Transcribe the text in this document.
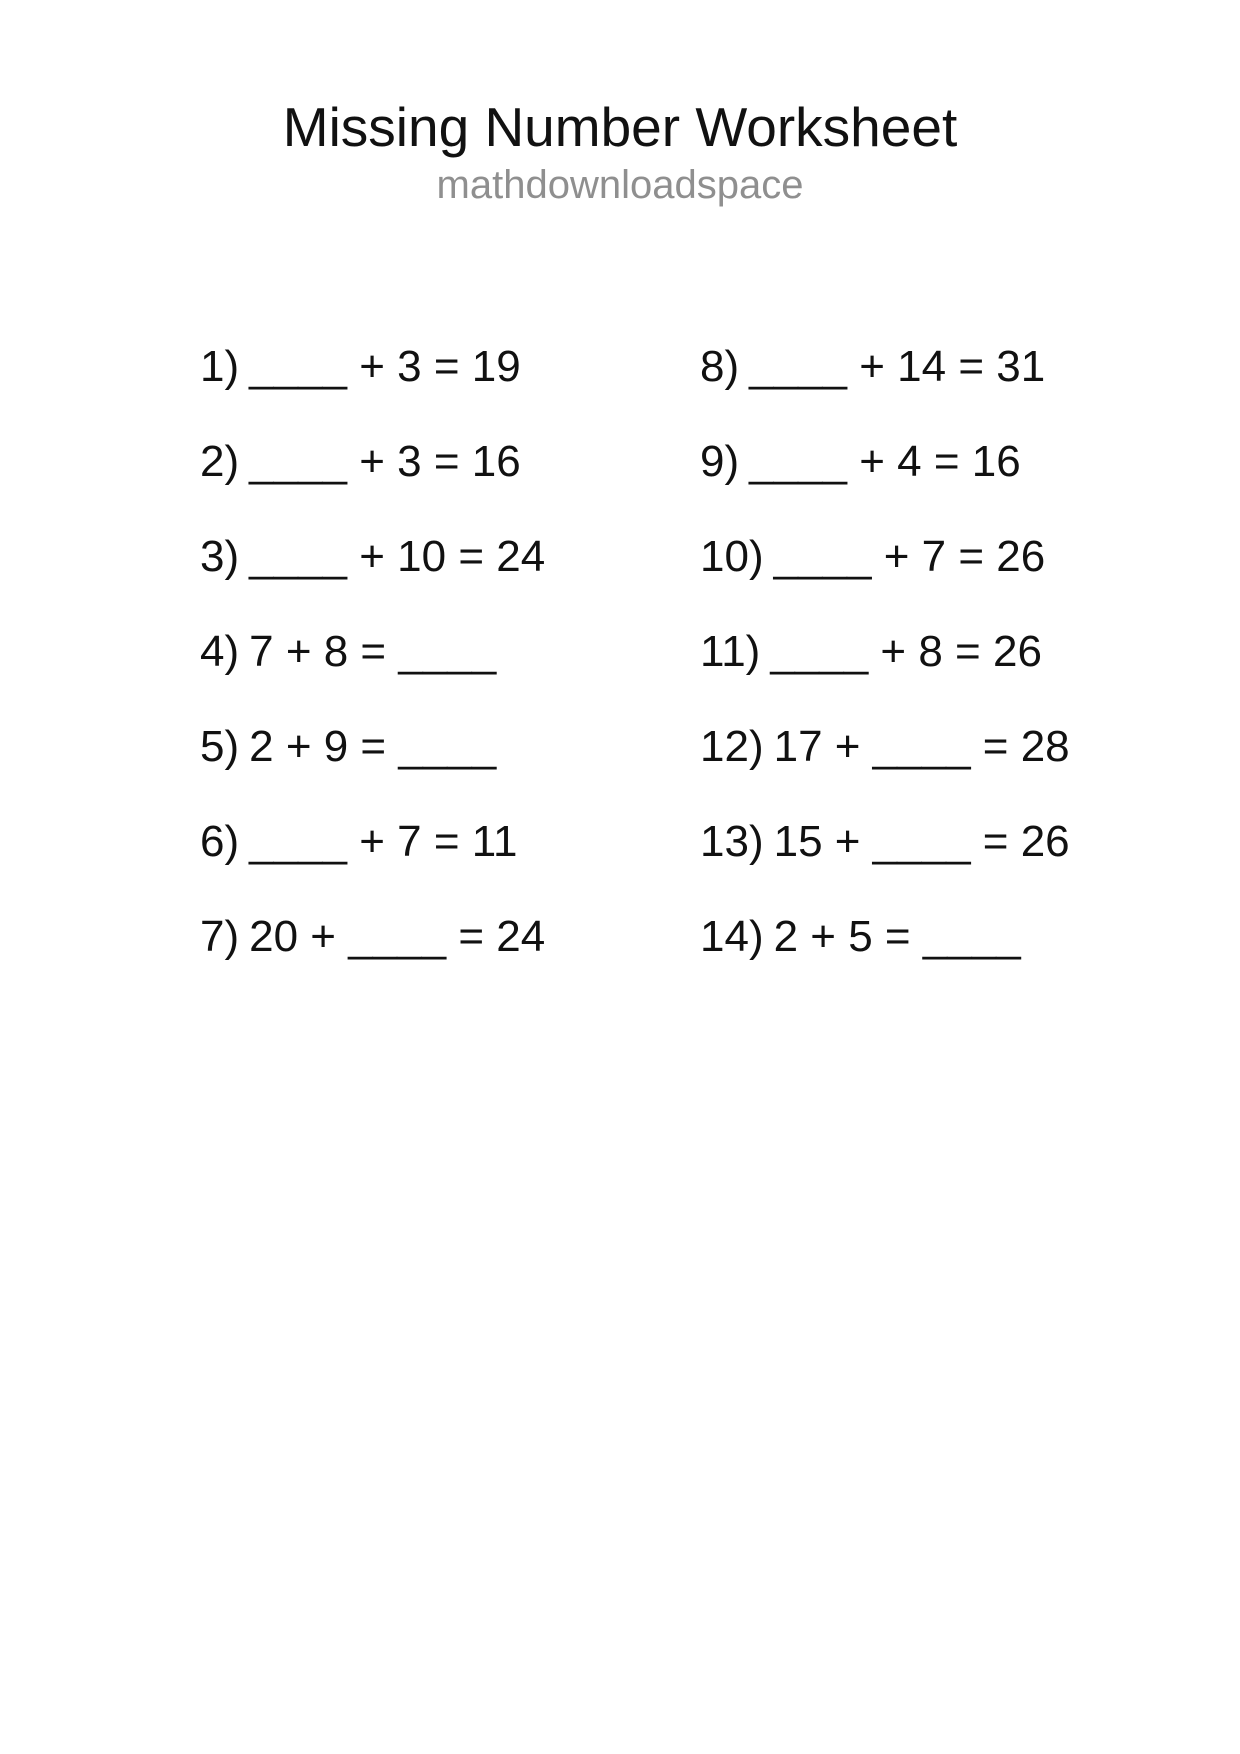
Missing Number Worksheet
mathdownloadspace
1) ____ + 3 = 19
2) ____ + 3 = 16
3) ____ + 10 = 24
4) 7 + 8 = ____
5) 2 + 9 = ____
6) ____ + 7 = 11
7) 20 + ____ = 24
8) ____ + 14 = 31
9) ____ + 4 = 16
10) ____ + 7 = 26
11) ____ + 8 = 26
12) 17 + ____ = 28
13) 15 + ____ = 26
14) 2 + 5 = ____
